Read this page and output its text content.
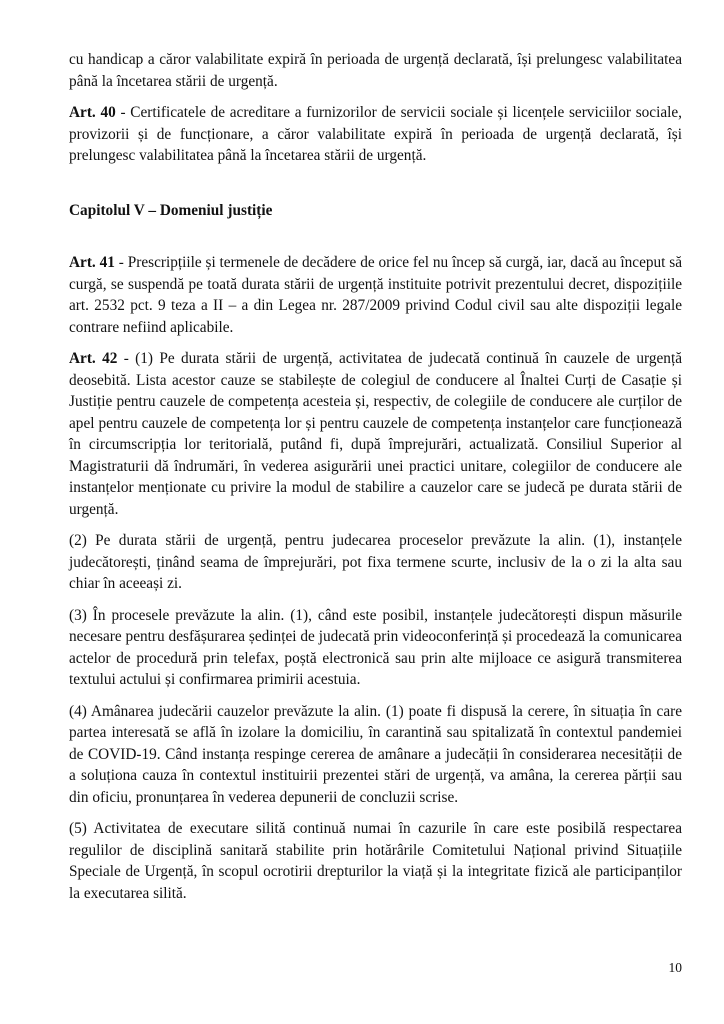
cu handicap a căror valabilitate expiră în perioada de urgență declarată, își prelungesc valabilitatea până la încetarea stării de urgență.

Art. 40 - Certificatele de acreditare a furnizorilor de servicii sociale și licențele serviciilor sociale, provizorii și de funcționare, a căror valabilitate expiră în perioada de urgență declarată, își prelungesc valabilitatea până la încetarea stării de urgență.

Capitolul V – Domeniul justiție

Art. 41 - Prescripțiile și termenele de decădere de orice fel nu încep să curgă, iar, dacă au început să curgă, se suspendă pe toată durata stării de urgență instituite potrivit prezentului decret, dispozițiile art. 2532 pct. 9 teza a II – a din Legea nr. 287/2009 privind Codul civil sau alte dispoziții legale contrare nefiind aplicabile.

Art. 42 - (1) Pe durata stării de urgență, activitatea de judecată continuă în cauzele de urgență deosebită. Lista acestor cauze se stabilește de colegiul de conducere al Înaltei Curți de Casație și Justiție pentru cauzele de competența acesteia și, respectiv, de colegiile de conducere ale curților de apel pentru cauzele de competența lor și pentru cauzele de competența instanțelor care funcționează în circumscripția lor teritorială, putând fi, după împrejurări, actualizată. Consiliul Superior al Magistraturii dă îndrumări, în vederea asigurării unei practici unitare, colegiilor de conducere ale instanțelor menționate cu privire la modul de stabilire a cauzelor care se judecă pe durata stării de urgență.

(2) Pe durata stării de urgență, pentru judecarea proceselor prevăzute la alin. (1), instanțele judecătorești, ținând seama de împrejurări, pot fixa termene scurte, inclusiv de la o zi la alta sau chiar în aceeași zi.

(3) În procesele prevăzute la alin. (1), când este posibil, instanțele judecătorești dispun măsurile necesare pentru desfășurarea ședinței de judecată prin videoconferință și procedează la comunicarea actelor de procedură prin telefax, poștă electronică sau prin alte mijloace ce asigură transmiterea textului actului și confirmarea primirii acestuia.

(4) Amânarea judecării cauzelor prevăzute la alin. (1) poate fi dispusă la cerere, în situația în care partea interesată se află în izolare la domiciliu, în carantină sau spitalizată în contextul pandemiei de COVID-19. Când instanța respinge cererea de amânare a judecății în considerarea necesității de a soluționa cauza în contextul instituirii prezentei stări de urgență, va amâna, la cererea părții sau din oficiu, pronunțarea în vederea depunerii de concluzii scrise.

(5) Activitatea de executare silită continuă numai în cazurile în care este posibilă respectarea regulilor de disciplină sanitară stabilite prin hotărârile Comitetului Național privind Situațiile Speciale de Urgență, în scopul ocrotirii drepturilor la viață și la integritate fizică ale participanților la executarea silită.

10
